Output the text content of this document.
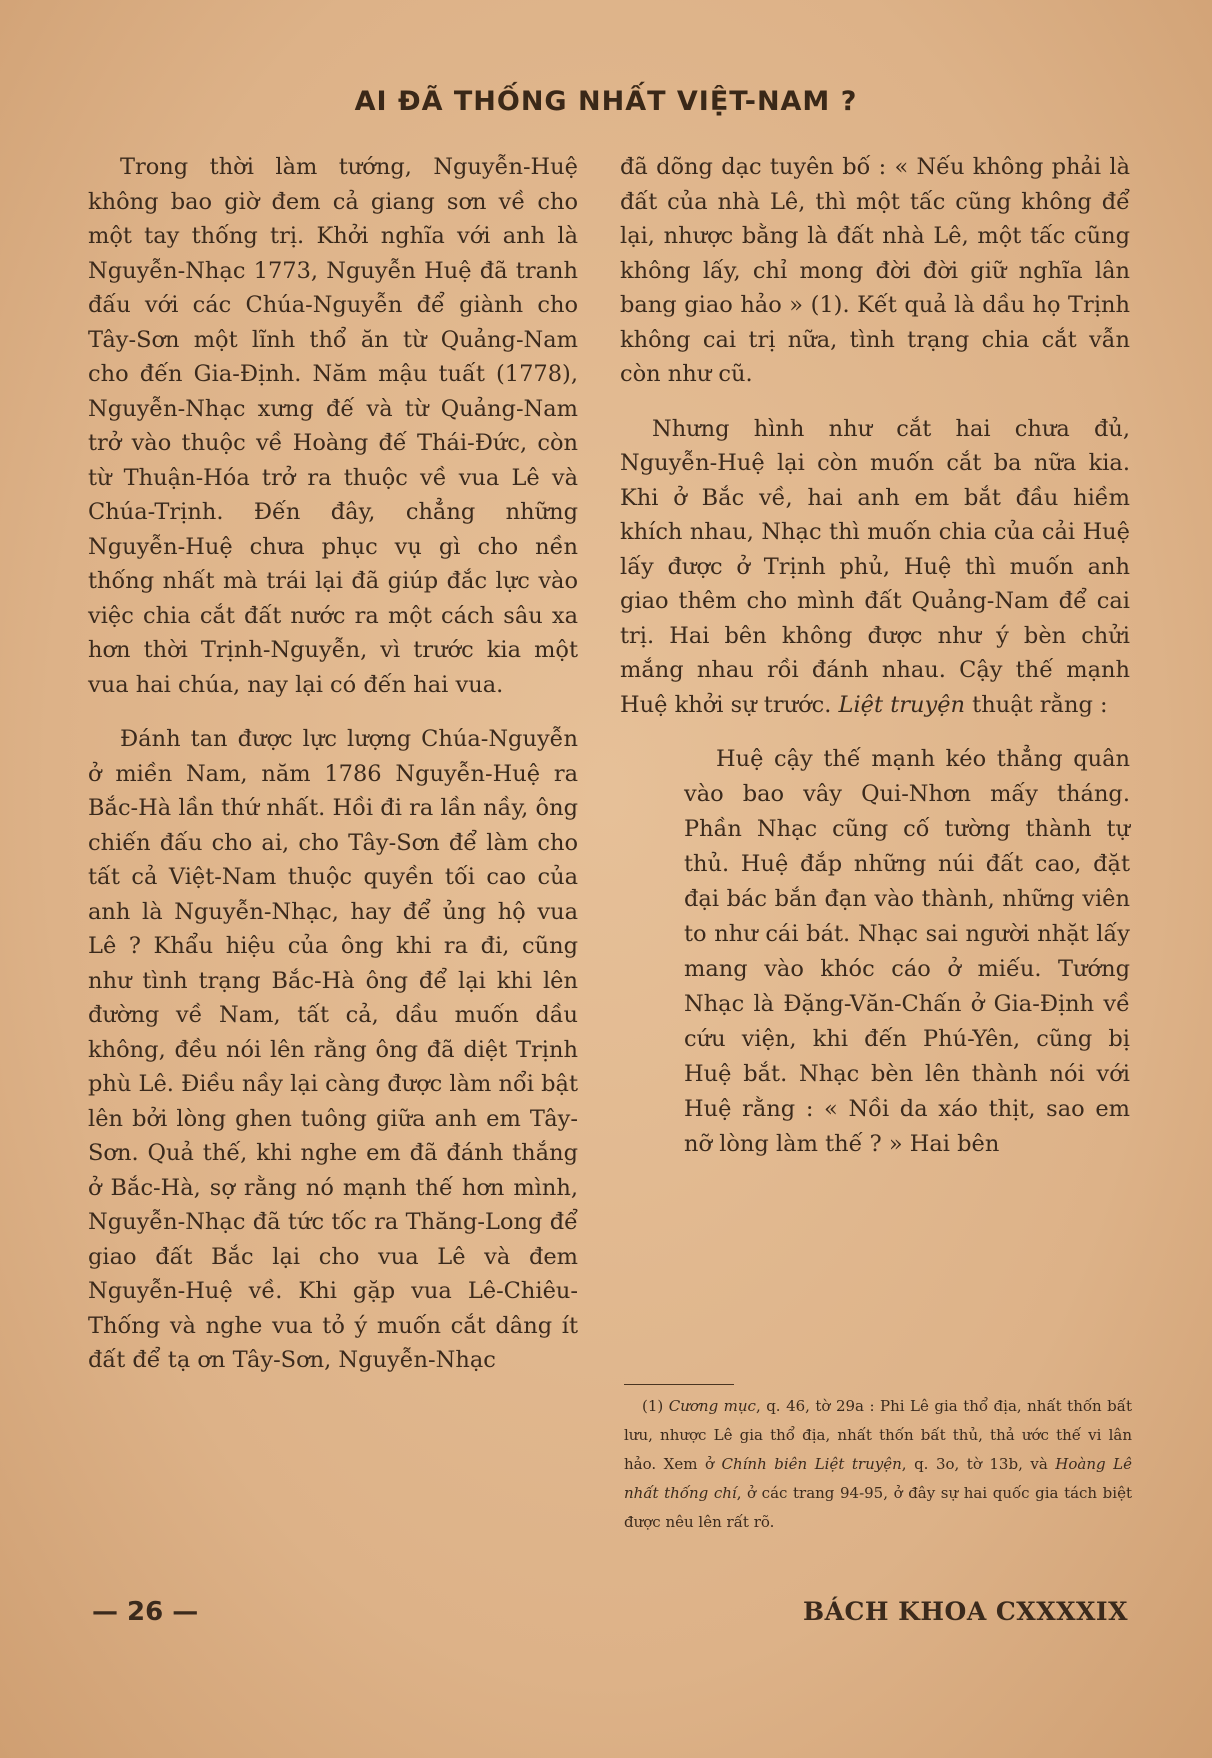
AI ĐÃ THỐNG NHẤT VIỆT-NAM ?

Trong thời làm tướng, Nguyễn-Huệ không bao giờ đem cả giang sơn về cho một tay thống trị. Khởi nghĩa với anh là Nguyễn-Nhạc 1773, Nguyễn Huệ đã tranh đấu với các Chúa-Nguyễn để giành cho Tây-Sơn một lĩnh thổ ăn từ Quảng-Nam cho đến Gia-Định. Năm mậu tuất (1778), Nguyễn-Nhạc xưng đế và từ Quảng-Nam trở vào thuộc về Hoàng đế Thái-Đức, còn từ Thuận-Hóa trở ra thuộc về vua Lê và Chúa-Trịnh. Đến đây, chẳng những Nguyễn-Huệ chưa phục vụ gì cho nền thống nhất mà trái lại đã giúp đắc lực vào việc chia cắt đất nước ra một cách sâu xa hơn thời Trịnh-Nguyễn, vì trước kia một vua hai chúa, nay lại có đến hai vua.

Đánh tan được lực lượng Chúa-Nguyễn ở miền Nam, năm 1786 Nguyễn-Huệ ra Bắc-Hà lần thứ nhất. Hồi đi ra lần nầy, ông chiến đấu cho ai, cho Tây-Sơn để làm cho tất cả Việt-Nam thuộc quyền tối cao của anh là Nguyễn-Nhạc, hay để ủng hộ vua Lê ? Khẩu hiệu của ông khi ra đi, cũng như tình trạng Bắc-Hà ông để lại khi lên đường về Nam, tất cả, dầu muốn dầu không, đều nói lên rằng ông đã diệt Trịnh phù Lê. Điều nầy lại càng được làm nổi bật lên bởi lòng ghen tuông giữa anh em Tây-Sơn. Quả thế, khi nghe em đã đánh thắng ở Bắc-Hà, sợ rằng nó mạnh thế hơn mình, Nguyễn-Nhạc đã tức tốc ra Thăng-Long để giao đất Bắc lại cho vua Lê và đem Nguyễn-Huệ về. Khi gặp vua Lê-Chiêu-Thống và nghe vua tỏ ý muốn cắt dâng ít đất để tạ ơn Tây-Sơn, Nguyễn-Nhạc

đã dõng dạc tuyên bố : « Nếu không phải là đất của nhà Lê, thì một tấc cũng không để lại, nhược bằng là đất nhà Lê, một tấc cũng không lấy, chỉ mong đời đời giữ nghĩa lân bang giao hảo » (1). Kết quả là dầu họ Trịnh không cai trị nữa, tình trạng chia cắt vẫn còn như cũ.

Nhưng hình như cắt hai chưa đủ, Nguyễn-Huệ lại còn muốn cắt ba nữa kia. Khi ở Bắc về, hai anh em bắt đầu hiềm khích nhau, Nhạc thì muốn chia của cải Huệ lấy được ở Trịnh phủ, Huệ thì muốn anh giao thêm cho mình đất Quảng-Nam để cai trị. Hai bên không được như ý bèn chửi mắng nhau rồi đánh nhau. Cậy thế mạnh Huệ khởi sự trước. Liệt truyện thuật rằng :

Huệ cậy thế mạnh kéo thẳng quân vào bao vây Qui-Nhơn mấy tháng. Phần Nhạc cũng cố tường thành tự thủ. Huệ đắp những núi đất cao, đặt đại bác bắn đạn vào thành, những viên to như cái bát. Nhạc sai người nhặt lấy mang vào khóc cáo ở miếu. Tướng Nhạc là Đặng-Văn-Chấn ở Gia-Định về cứu viện, khi đến Phú-Yên, cũng bị Huệ bắt. Nhạc bèn lên thành nói với Huệ rằng : « Nồi da xáo thịt, sao em nỡ lòng làm thế ? » Hai bên
(1) Cương mục, q. 46, tờ 29a : Phi Lê gia thổ địa, nhất thốn bất lưu, nhược Lê gia thổ địa, nhất thốn bất thủ, thả ước thế vi lân hảo. Xem ở Chính biên Liệt truyện, q. 3o, tờ 13b, và Hoàng Lê nhất thống chí, ở các trang 94-95, ở đây sự hai quốc gia tách biệt được nêu lên rất rõ.
— 26 —	BÁCH KHOA CXXXXIX
